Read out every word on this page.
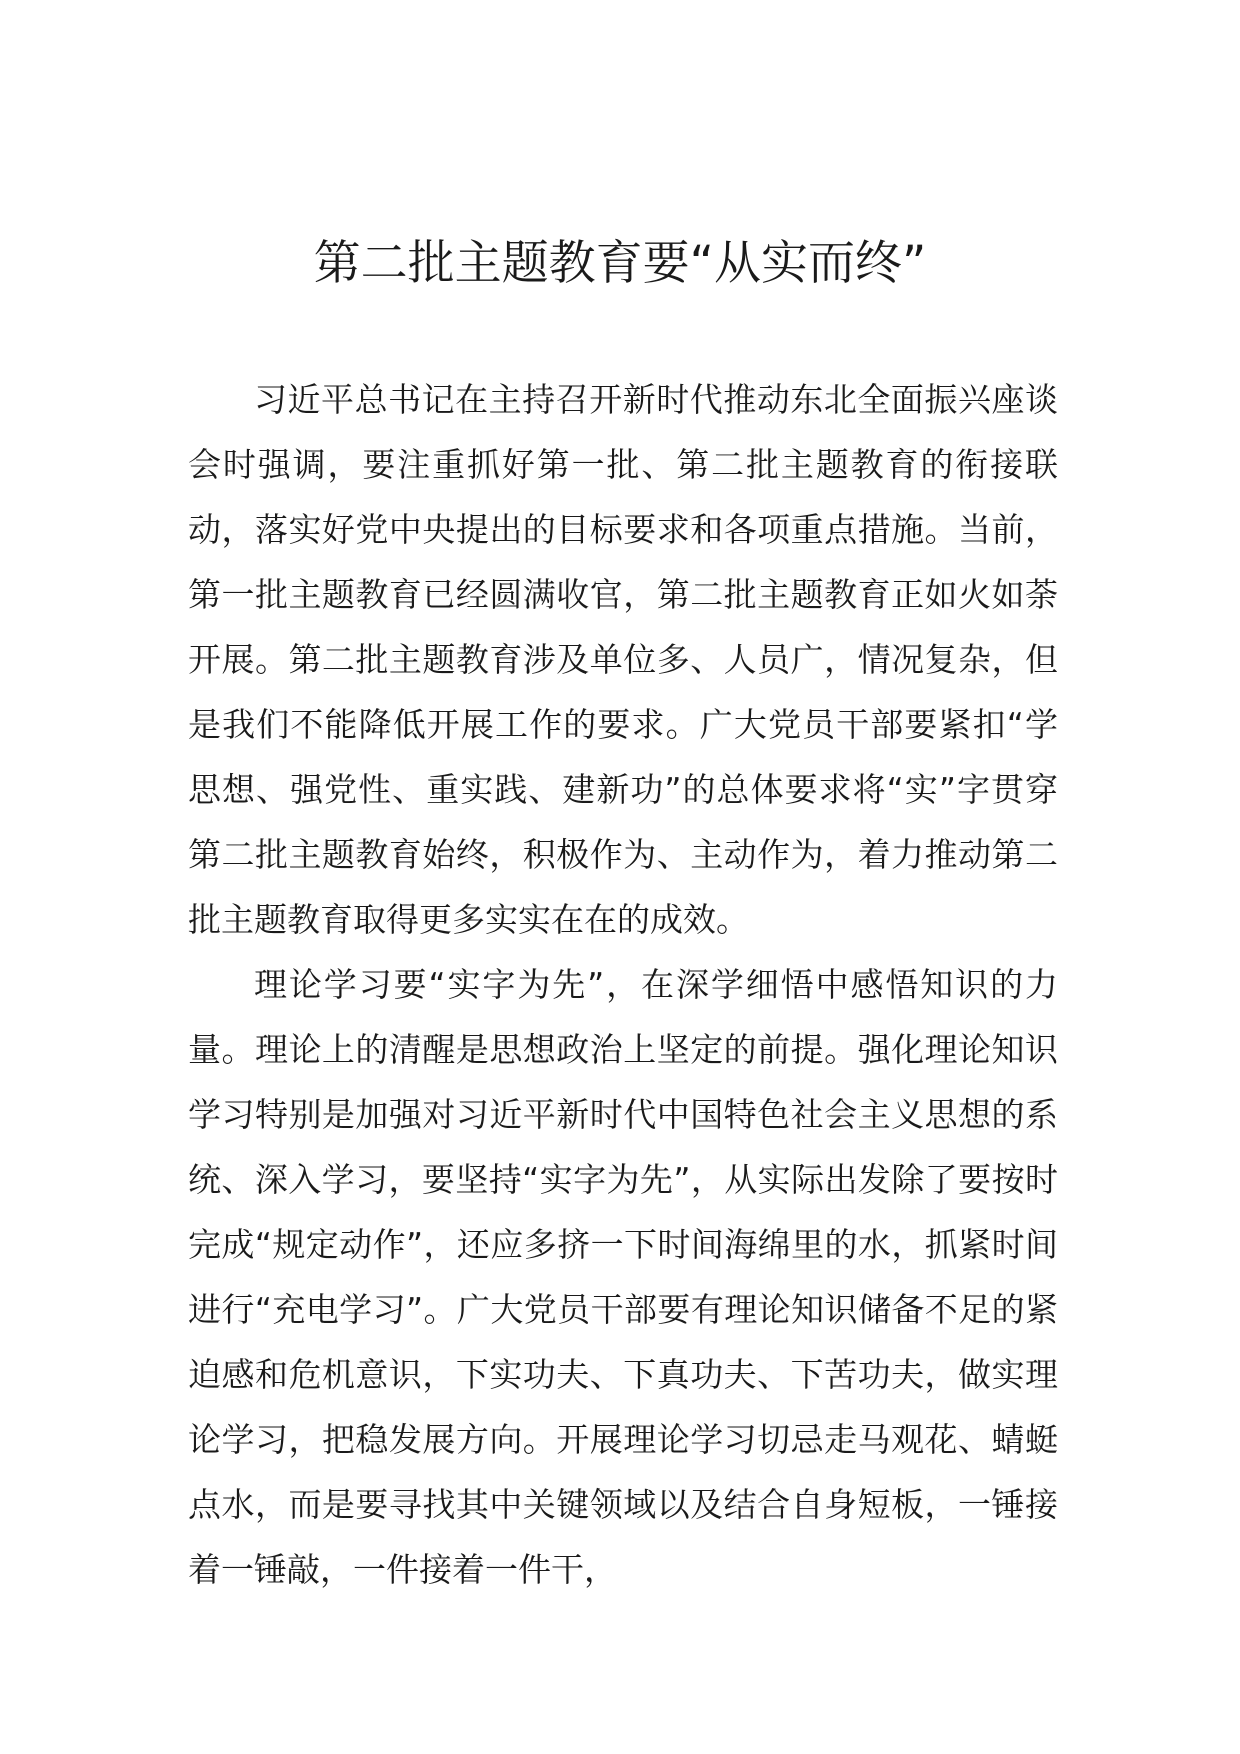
第二批主题教育要“从实而终”

习近平总书记在主持召开新时代推动东北全面振兴座谈会时强调，要注重抓好第一批、第二批主题教育的衔接联动，落实好党中央提出的目标要求和各项重点措施。当前，第一批主题教育已经圆满收官，第二批主题教育正如火如荼开展。第二批主题教育涉及单位多、人员广，情况复杂，但是我们不能降低开展工作的要求。广大党员干部要紧扣“学思想、强党性、重实践、建新功”的总体要求将“实”字贯穿第二批主题教育始终，积极作为、主动作为，着力推动第二批主题教育取得更多实实在在的成效。

理论学习要“实字为先”，在深学细悟中感悟知识的力量。理论上的清醒是思想政治上坚定的前提。强化理论知识学习特别是加强对习近平新时代中国特色社会主义思想的系统、深入学习，要坚持“实字为先”，从实际出发除了要按时完成“规定动作”，还应多挤一下时间海绵里的水，抓紧时间进行“充电学习”。广大党员干部要有理论知识储备不足的紧迫感和危机意识，下实功夫、下真功夫、下苦功夫，做实理论学习，把稳发展方向。开展理论学习切忌走马观花、蜻蜓点水，而是要寻找其中关键领域以及结合自身短板，一锤接着一锤敲，一件接着一件干，
